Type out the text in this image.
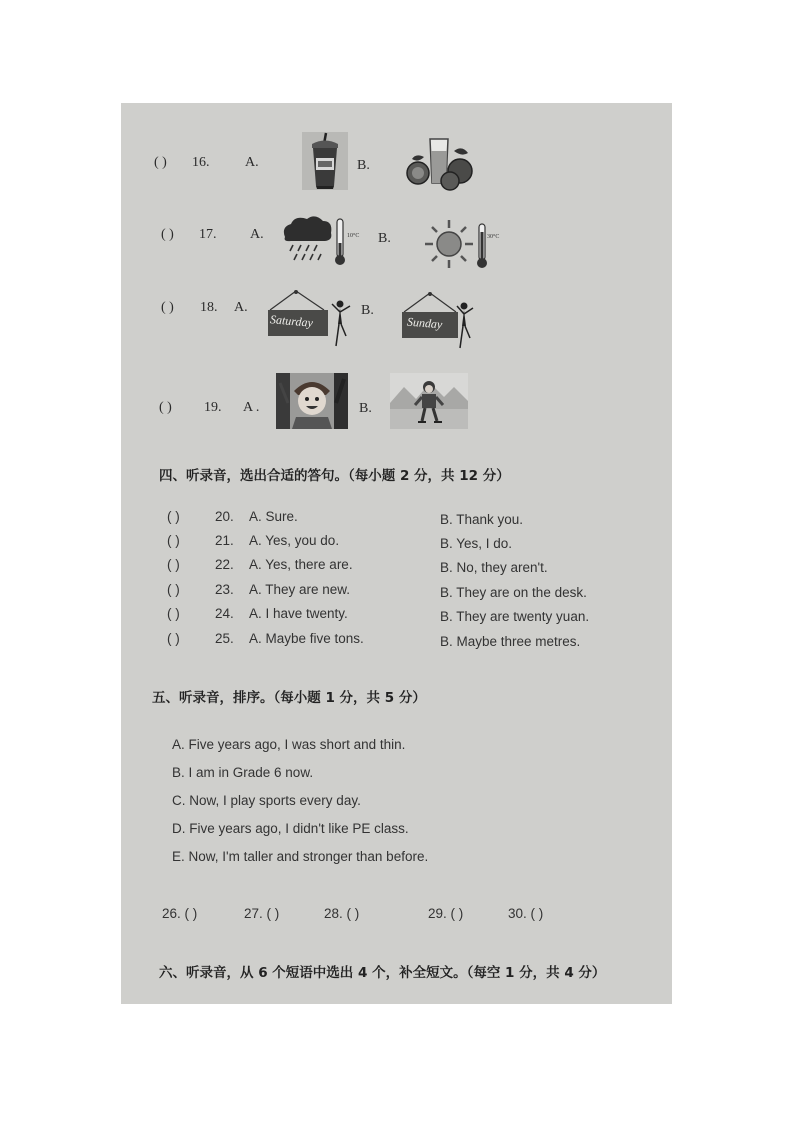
( ) 16.	A.	B.
( ) 17. A.	10°C B.	30°C
( ) 18. A.
Saturday
B.
Sunday
( ) 19. A .	B.
四、听录音，选出合适的答句。（每小题 2 分，共 12 分）
( )	20. A. Sure.	B. Thank you.
( )	21. A. Yes, you do.	B. Yes, I do.
( )	22. A. Yes, there are.	B. No, they aren't.
( )	23. A. They are new.	B. They are on the desk.
( )	24. A. I have twenty.	B. They are twenty yuan.
( )	25. A. Maybe five tons.	B. Maybe three metres.
五、听录音，排序。（每小题 1 分，共 5 分）
A. Five years ago, I was short and thin.
B. I am in Grade 6 now.
C. Now, I play sports every day.
D. Five years ago, I didn't like PE class.
E. Now, I'm taller and stronger than before.
26. ( )	27. ( )	28. ( )	29. ( )	30. ( )
六、听录音，从 6 个短语中选出 4 个，补全短文。（每空 1 分，共 4 分）
